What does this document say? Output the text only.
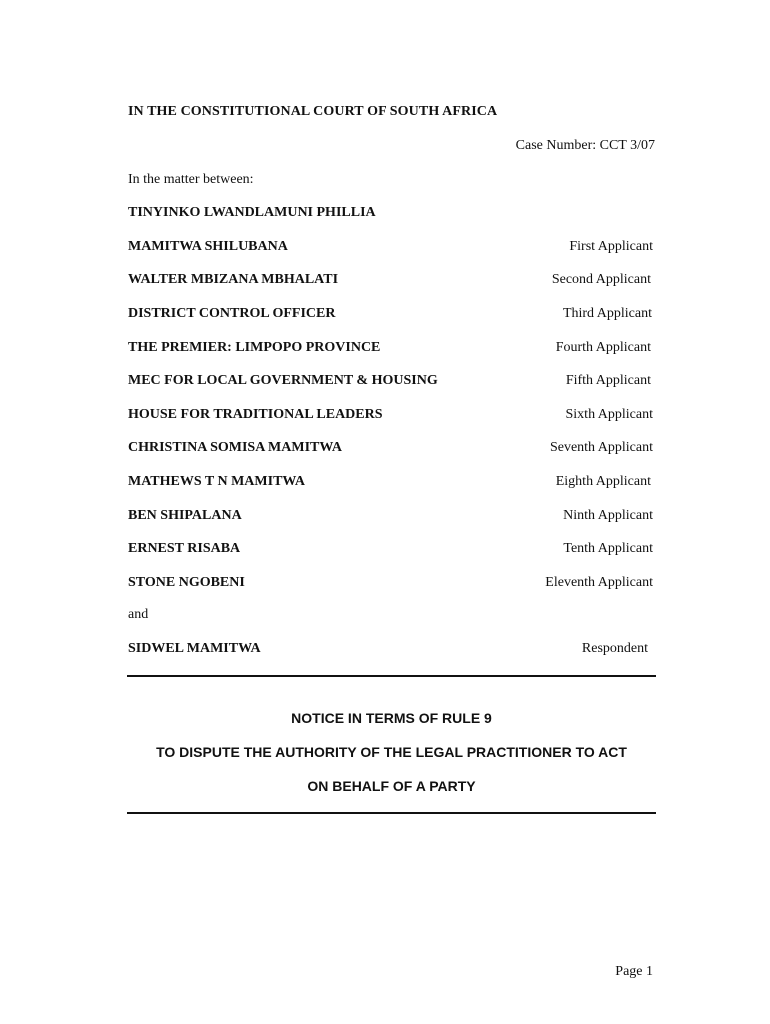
IN THE CONSTITUTIONAL COURT OF SOUTH AFRICA
Case Number: CCT 3/07
In the matter between:
TINYINKO LWANDLAMUNI PHILLIA
MAMITWA SHILUBANA	First Applicant
WALTER MBIZANA MBHALATI	Second Applicant
DISTRICT CONTROL OFFICER	Third Applicant
THE PREMIER: LIMPOPO PROVINCE	Fourth Applicant
MEC FOR LOCAL GOVERNMENT & HOUSING	Fifth Applicant
HOUSE FOR TRADITIONAL LEADERS	Sixth Applicant
CHRISTINA SOMISA MAMITWA	Seventh Applicant
MATHEWS T N MAMITWA	Eighth Applicant
BEN SHIPALANA	Ninth Applicant
ERNEST RISABA	Tenth Applicant
STONE NGOBENI	Eleventh Applicant
and
SIDWEL MAMITWA	Respondent
NOTICE IN TERMS OF RULE 9
TO DISPUTE THE AUTHORITY OF THE LEGAL PRACTITIONER TO ACT
ON BEHALF OF A PARTY
Page 1
